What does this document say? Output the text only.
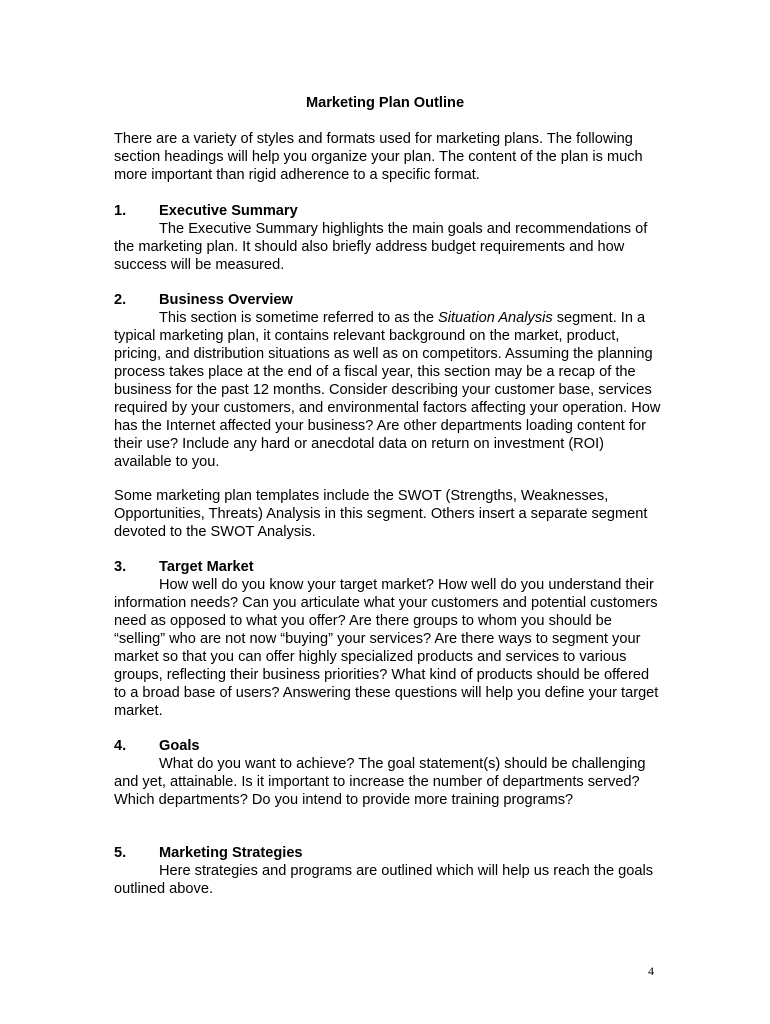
Marketing Plan Outline

There are a variety of styles and formats used for marketing plans. The following section headings will help you organize your plan. The content of the plan is much more important than rigid adherence to a specific format.

1. Executive Summary

The Executive Summary highlights the main goals and recommendations of the marketing plan. It should also briefly address budget requirements and how success will be measured.

2. Business Overview

This section is sometime referred to as the Situation Analysis segment. In a typical marketing plan, it contains relevant background on the market, product, pricing, and distribution situations as well as on competitors. Assuming the planning process takes place at the end of a fiscal year, this section may be a recap of the business for the past 12 months. Consider describing your customer base, services required by your customers, and environmental factors affecting your operation. How has the Internet affected your business? Are other departments loading content for their use? Include any hard or anecdotal data on return on investment (ROI) available to you.

Some marketing plan templates include the SWOT (Strengths, Weaknesses, Opportunities, Threats) Analysis in this segment. Others insert a separate segment devoted to the SWOT Analysis.

3. Target Market

How well do you know your target market? How well do you understand their information needs? Can you articulate what your customers and potential customers need as opposed to what you offer? Are there groups to whom you should be “selling” who are not now “buying” your services? Are there ways to segment your market so that you can offer highly specialized products and services to various groups, reflecting their business priorities? What kind of products should be offered to a broad base of users? Answering these questions will help you define your target market.

4. Goals

What do you want to achieve? The goal statement(s) should be challenging and yet, attainable. Is it important to increase the number of departments served? Which departments? Do you intend to provide more training programs?

5. Marketing Strategies

Here strategies and programs are outlined which will help us reach the goals outlined above.

4
